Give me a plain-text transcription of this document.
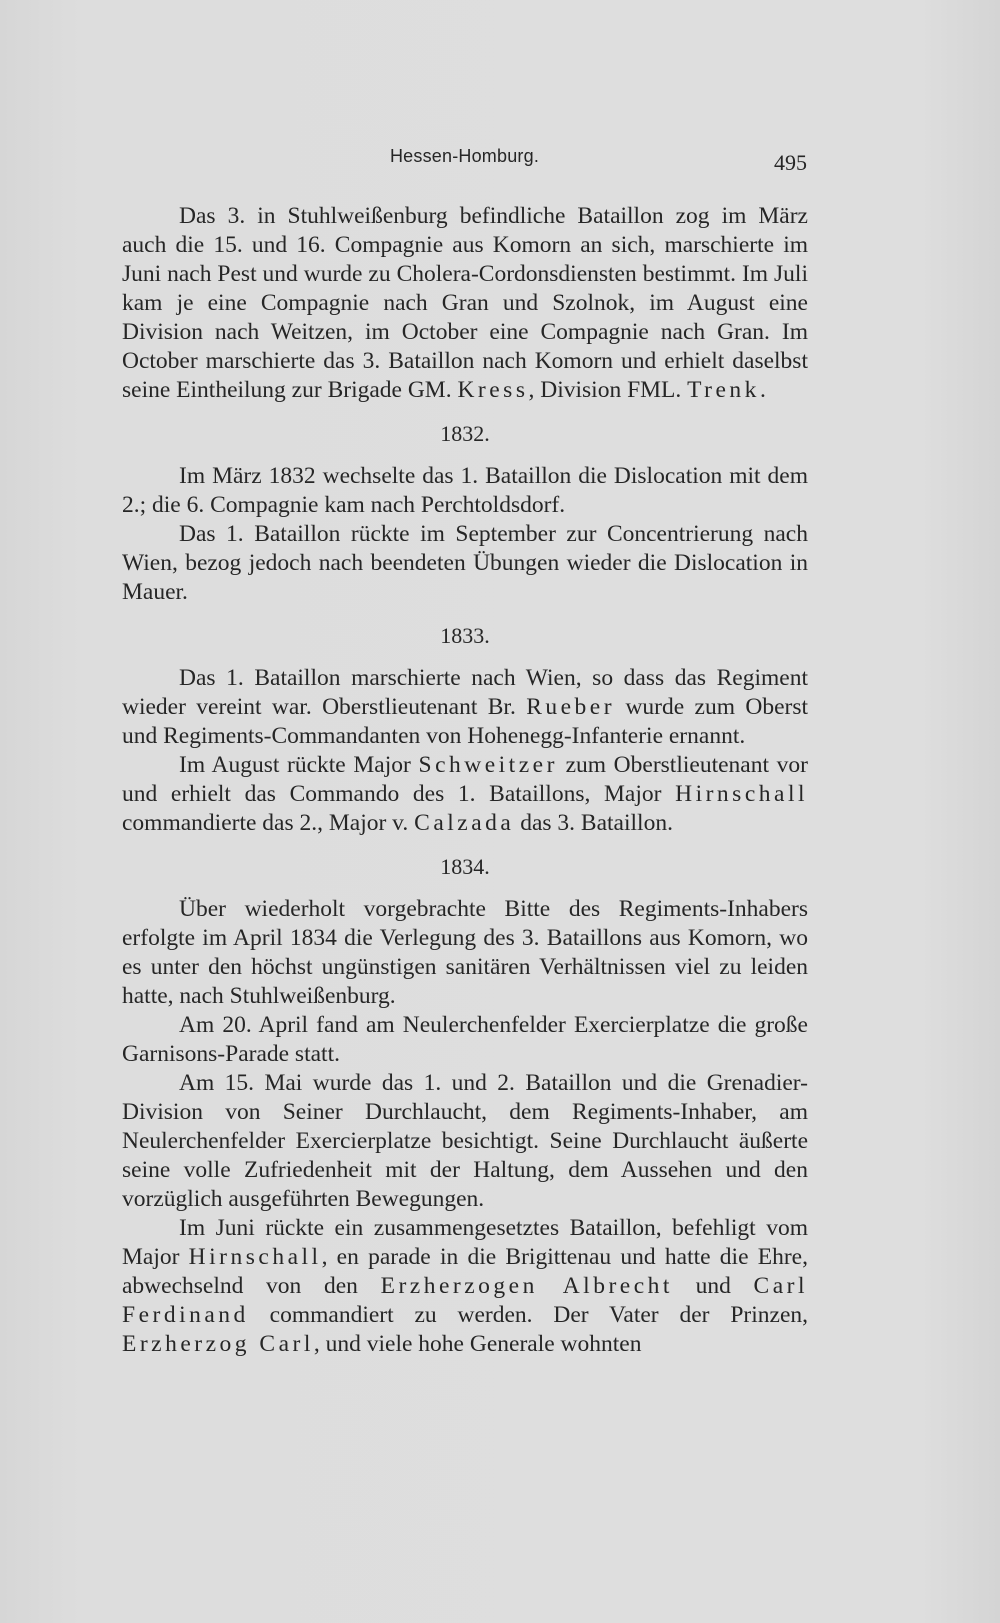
Hessen-Homburg.	495

Das 3. in Stuhlweißenburg befindliche Bataillon zog im März auch die 15. und 16. Compagnie aus Komorn an sich, marschierte im Juni nach Pest und wurde zu Cholera-Cordonsdiensten bestimmt. Im Juli kam je eine Compagnie nach Gran und Szolnok, im August eine Division nach Weitzen, im October eine Compagnie nach Gran. Im October marschierte das 3. Bataillon nach Komorn und erhielt daselbst seine Eintheilung zur Brigade GM. Kress, Division FML. Trenk.

1832.

Im März 1832 wechselte das 1. Bataillon die Dislocation mit dem 2.; die 6. Compagnie kam nach Perchtoldsdorf.

Das 1. Bataillon rückte im September zur Concentrierung nach Wien, bezog jedoch nach beendeten Übungen wieder die Dislocation in Mauer.

1833.

Das 1. Bataillon marschierte nach Wien, so dass das Regiment wieder vereint war. Oberstlieutenant Br. Rueber wurde zum Oberst und Regiments-Commandanten von Hohenegg-Infanterie ernannt.

Im August rückte Major Schweitzer zum Oberstlieutenant vor und erhielt das Commando des 1. Bataillons, Major Hirnschall commandierte das 2., Major v. Calzada das 3. Bataillon.

1834.

Über wiederholt vorgebrachte Bitte des Regiments-Inhabers erfolgte im April 1834 die Verlegung des 3. Bataillons aus Komorn, wo es unter den höchst ungünstigen sanitären Verhältnissen viel zu leiden hatte, nach Stuhlweißenburg.

Am 20. April fand am Neulerchenfelder Exercierplatze die große Garnisons-Parade statt.

Am 15. Mai wurde das 1. und 2. Bataillon und die Grenadier-Division von Seiner Durchlaucht, dem Regiments-Inhaber, am Neulerchenfelder Exercierplatze besichtigt. Seine Durchlaucht äußerte seine volle Zufriedenheit mit der Haltung, dem Aussehen und den vorzüglich ausgeführten Bewegungen.

Im Juni rückte ein zusammengesetztes Bataillon, befehligt vom Major Hirnschall, en parade in die Brigittenau und hatte die Ehre, abwechselnd von den Erzherzogen Albrecht und Carl Ferdinand commandiert zu werden. Der Vater der Prinzen, Erzherzog Carl, und viele hohe Generale wohnten
